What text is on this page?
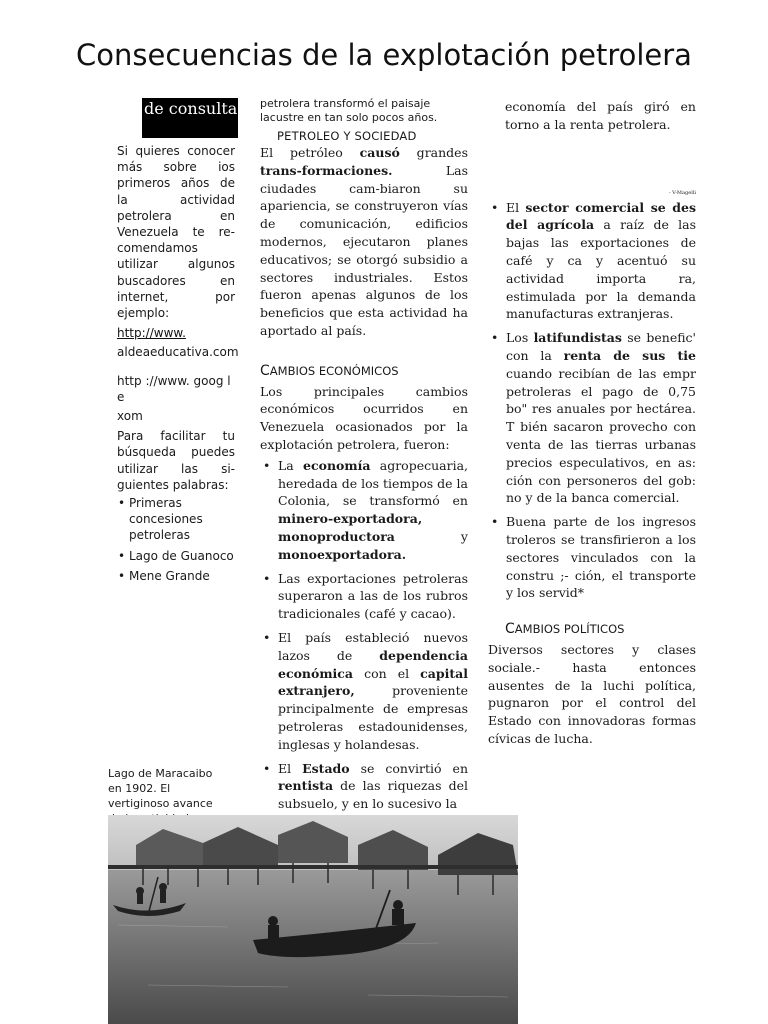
Consecuencias de la explotación petrolera
de consulta
Si quieres conocer más sobre ios primeros años de la actividad petrolera en Venezuela te re-comendamos utilizar algunos buscadores en internet, por ejemplo:
http://www.
aldeaeducativa.com
http ://www. goog l e
xom
Para facilitar tu búsqueda puedes utilizar las si-guientes palabras:
• Primeras concesiones petroleras
• Lago de Guanoco
• Mene Grande
Lago de Maracaibo en 1902. El vertiginoso avance
petrolera transformó el paisaje lacustre en tan solo pocos años.
PETROLEO Y SOCIEDAD
El petróleo causó grandes trans-formaciones. Las ciudades cam-biaron su apariencia, se construyeron vías de comunicación, edificios modernos, ejecutaron planes educativos; se otorgó subsidio a sectores industriales. Estos fueron apenas algunos de los beneficios que esta actividad ha aportado al país.
CAMBIOS ECONÓMICOS
Los principales cambios económicos ocurridos en Venezuela ocasionados por la explotación petrolera, fueron:
• La economía agropecuaria, heredada de los tiempos de la Colonia, se transformó en minero-exportadora, monoproductora y monoexportadora.
• Las exportaciones petroleras superaron a las de los rubros tradicionales (café y cacao).
• El país estableció nuevos lazos de dependencia económica con el capital extranjero, proveniente principalmente de empresas petroleras estadounidenses, inglesas y holandesas.
• El Estado se convirtió en rentista de las riquezas del subsuelo, y en lo sucesivo la
economía del país giró en torno a la renta petrolera.
- V-Magelli
• El sector comercial se des del agrícola a raíz de las bajas las exportaciones de café y ca y acentuó su actividad importa ra, estimulada por la demanda manufacturas extranjeras.
• Los latifundistas se benefic' con la renta de sus tie cuando recibían de las empr petroleras el pago de 0,75 bo" res anuales por hectárea. T bién sacaron provecho con venta de las tierras urbanas precios especulativos, en as: ción con personeros del gob: no y de la banca comercial.
• Buena parte de los ingresos troleros se transfirieron a los sectores vinculados con la constru ;- ción, el transporte y los servid*
CAMBIOS POLÍTICOS
Diversos sectores y clases sociale.- hasta entonces ausentes de la luchi política, pugnaron por el control del Estado con innovadoras formas cívicas de lucha.
